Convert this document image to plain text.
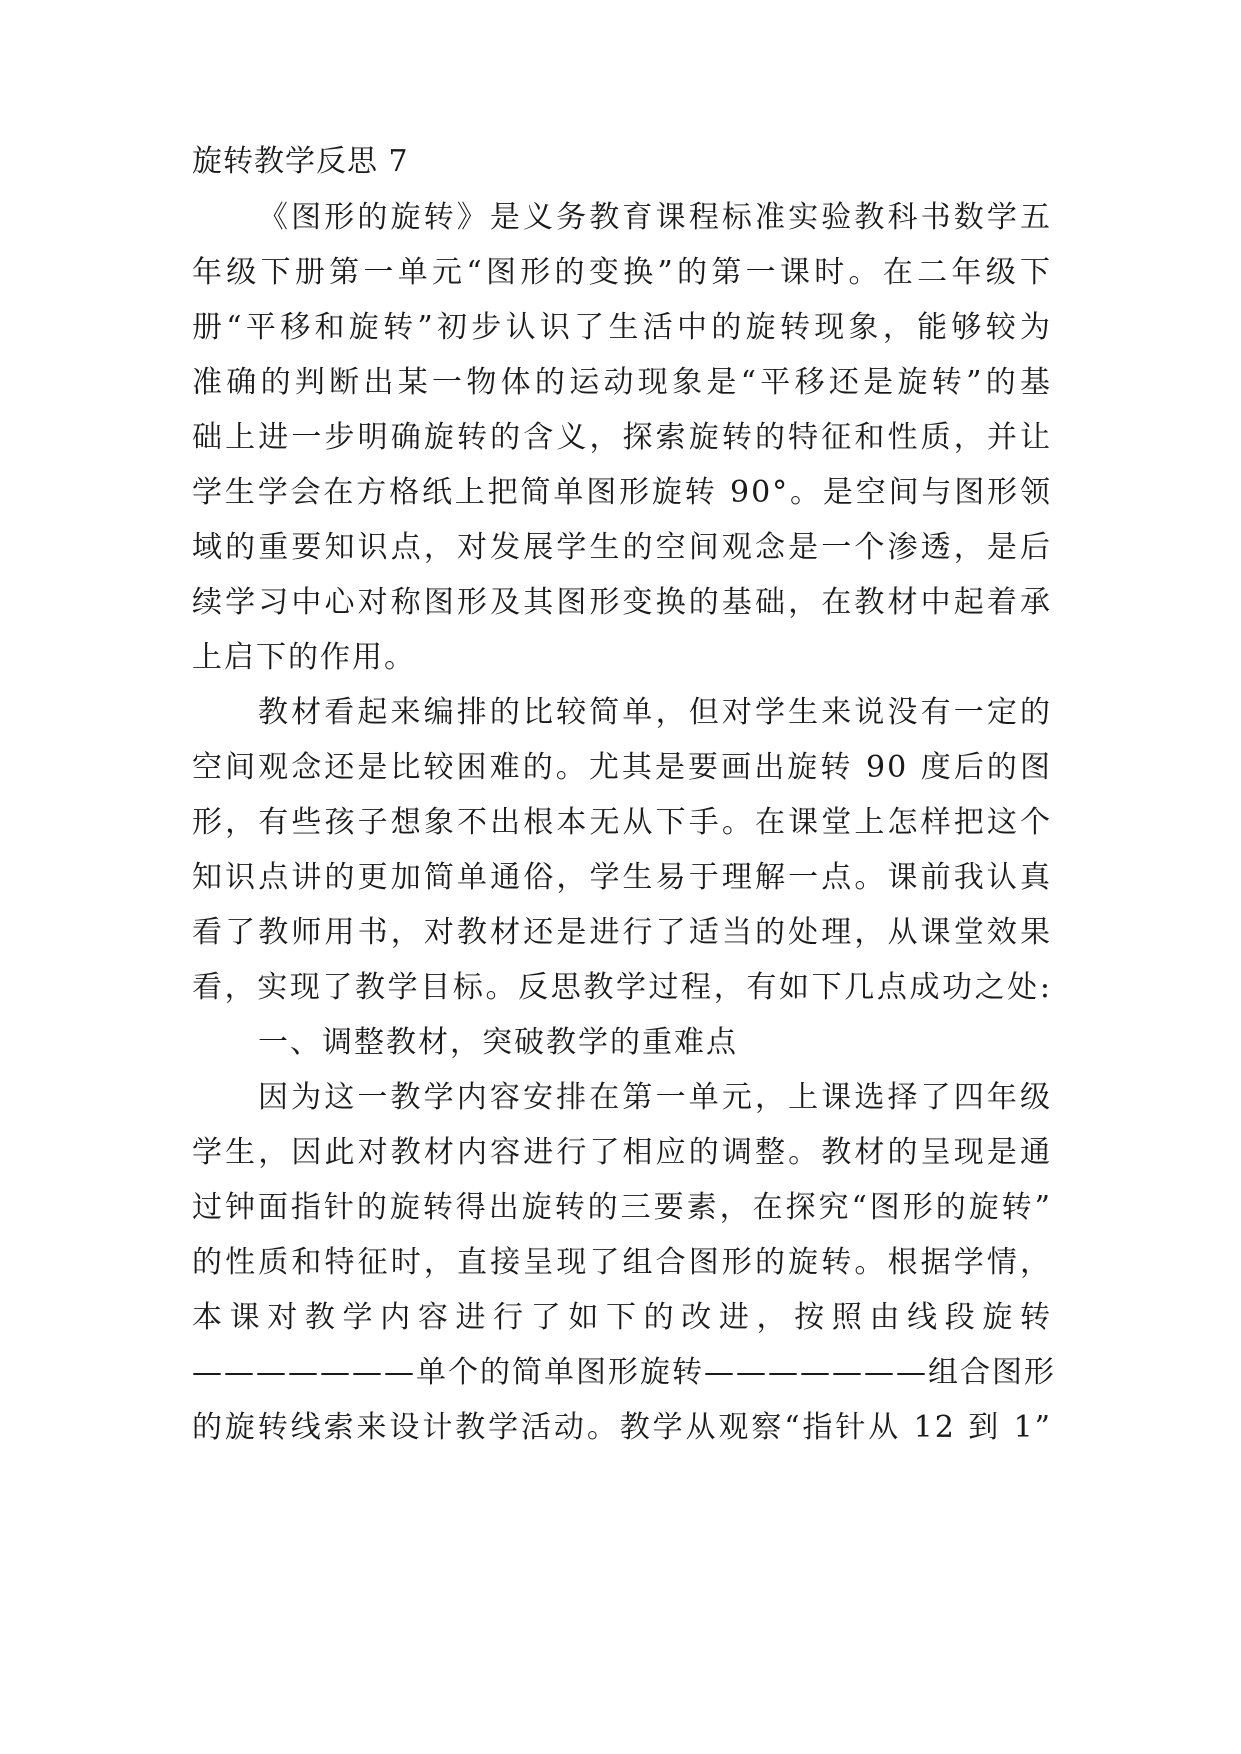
旋转教学反思 7
《图形的旋转》是义务教育课程标准实验教科书数学五
年级下册第一单元“图形的变换”的第一课时。在二年级下
册“平移和旋转”初步认识了生活中的旋转现象，能够较为
准确的判断出某一物体的运动现象是“平移还是旋转”的基
础上进一步明确旋转的含义，探索旋转的特征和性质，并让
学生学会在方格纸上把简单图形旋转 90°。是空间与图形领
域的重要知识点，对发展学生的空间观念是一个渗透，是后
续学习中心对称图形及其图形变换的基础，在教材中起着承
上启下的作用。
教材看起来编排的比较简单，但对学生来说没有一定的
空间观念还是比较困难的。尤其是要画出旋转 90 度后的图
形，有些孩子想象不出根本无从下手。在课堂上怎样把这个
知识点讲的更加简单通俗，学生易于理解一点。课前我认真
看了教师用书，对教材还是进行了适当的处理，从课堂效果
看，实现了教学目标。反思教学过程，有如下几点成功之处:
一、调整教材，突破教学的重难点
因为这一教学内容安排在第一单元，上课选择了四年级
学生，因此对教材内容进行了相应的调整。教材的呈现是通
过钟面指针的旋转得出旋转的三要素，在探究“图形的旋转”
的性质和特征时，直接呈现了组合图形的旋转。根据学情，
本课对教学内容进行了如下的改进，按照由线段旋转
———————单个的简单图形旋转———————组合图形
的旋转线索来设计教学活动。教学从观察“指针从 12 到 1”
